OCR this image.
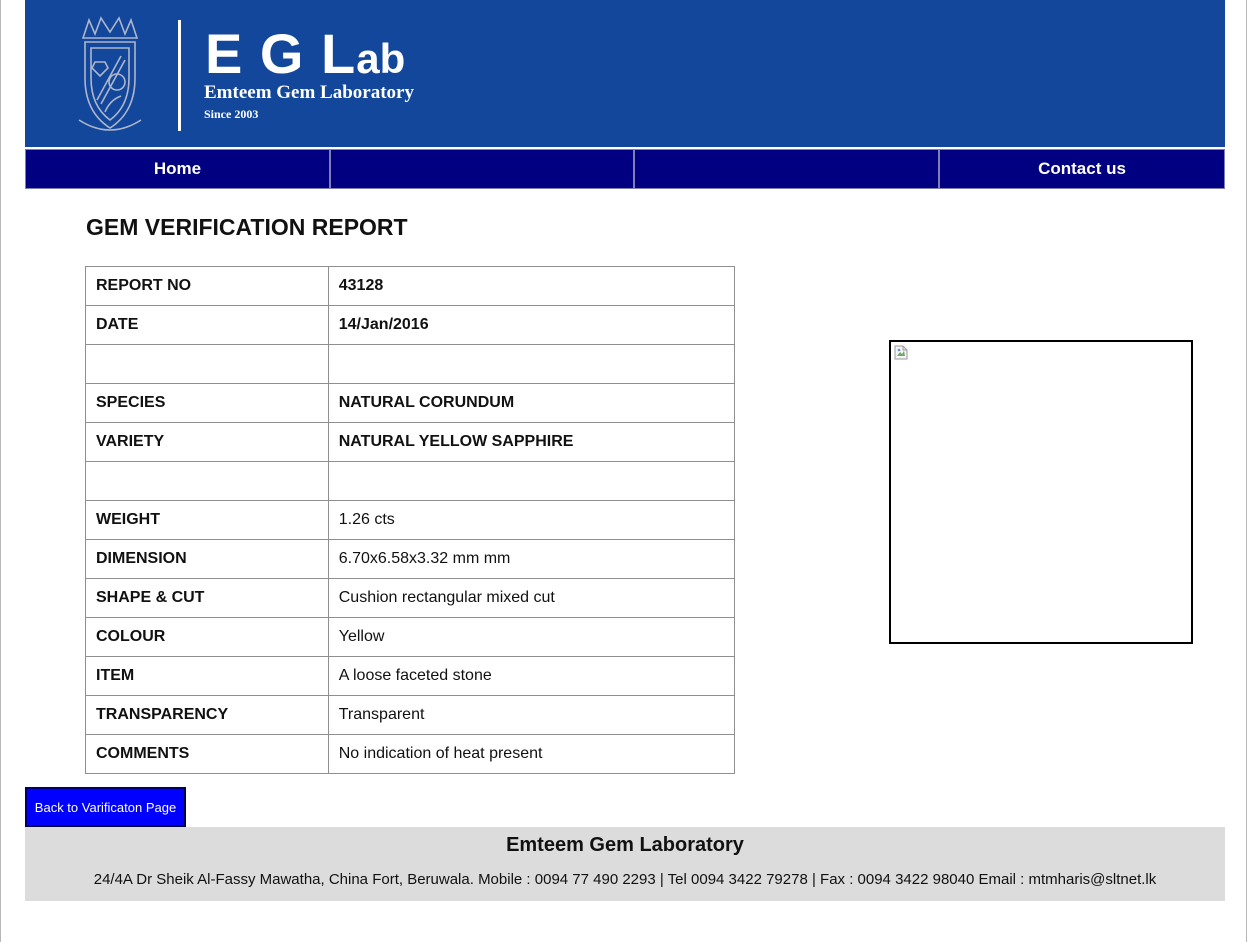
E G Lab
Emteem Gem Laboratory
Since 2003
Home	Contact us
GEM VERIFICATION REPORT
REPORT NO	43128
DATE	14/Jan/2016

SPECIES	NATURAL CORUNDUM
VARIETY	NATURAL YELLOW SAPPHIRE

WEIGHT	1.26 cts
DIMENSION	6.70x6.58x3.32 mm mm
SHAPE & CUT	Cushion rectangular mixed cut
COLOUR	Yellow
ITEM	A loose faceted stone
TRANSPARENCY	Transparent
COMMENTS	No indication of heat present
Back to Varificaton Page
Emteem Gem Laboratory
24/4A Dr Sheik Al-Fassy Mawatha, China Fort, Beruwala. Mobile : 0094 77 490 2293 | Tel 0094 3422 79278 | Fax : 0094 3422 98040 Email : mtmharis@sltnet.lk
